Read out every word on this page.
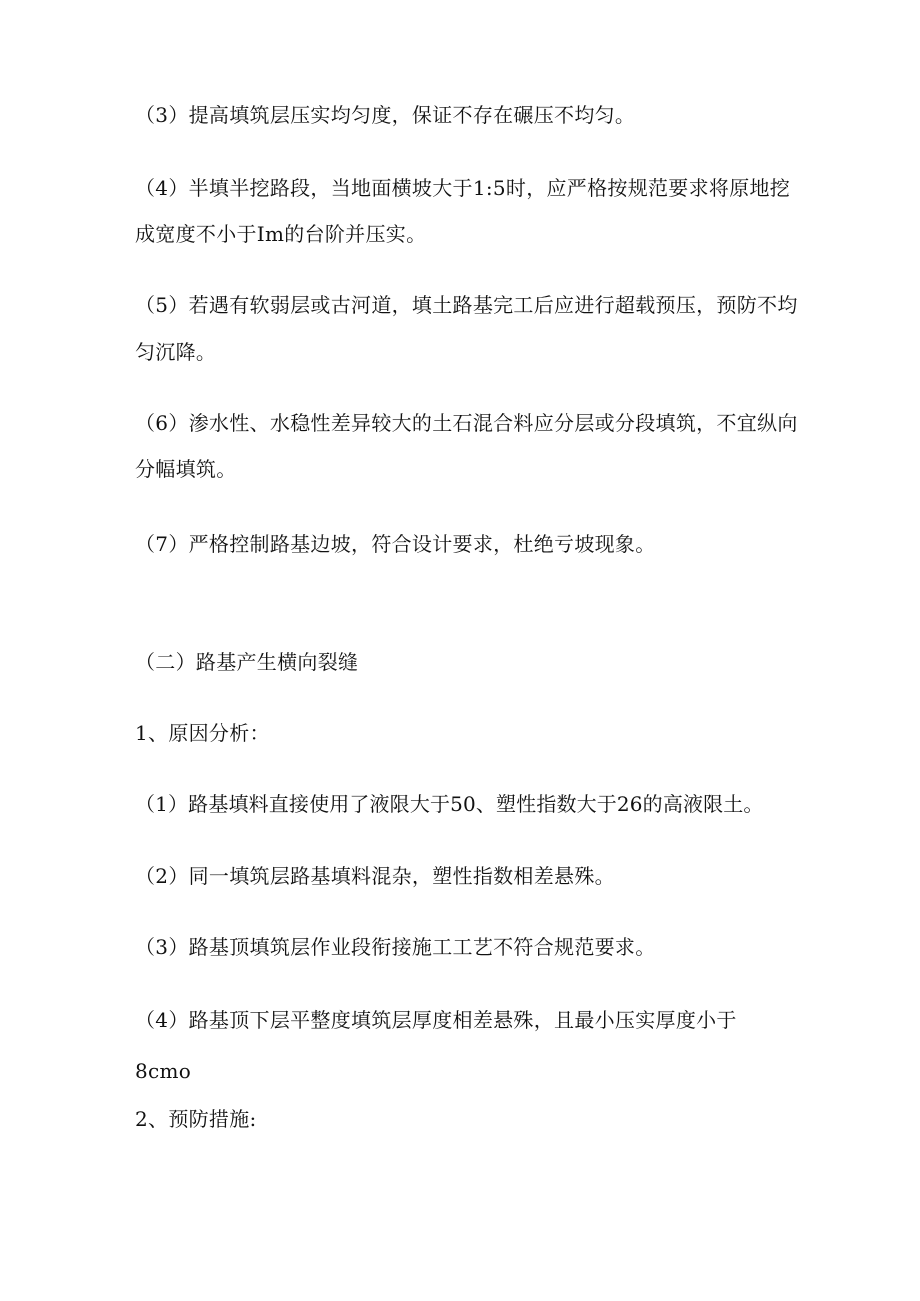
（3）提高填筑层压实均匀度，保证不存在碾压不均匀。
（4）半填半挖路段，当地面横坡大于1:5时，应严格按规范要求将原地挖
成宽度不小于Im的台阶并压实。
（5）若遇有软弱层或古河道，填土路基完工后应进行超载预压，预防不均
匀沉降。
（6）渗水性、水稳性差异较大的土石混合料应分层或分段填筑，不宜纵向
分幅填筑。
（7）严格控制路基边坡，符合设计要求，杜绝亏坡现象。
（二）路基产生横向裂缝
1、原因分析：
（1）路基填料直接使用了液限大于50、塑性指数大于26的高液限土。
（2）同一填筑层路基填料混杂，塑性指数相差悬殊。
（3）路基顶填筑层作业段衔接施工工艺不符合规范要求。
（4）路基顶下层平整度填筑层厚度相差悬殊，且最小压实厚度小于
8cmo
2、预防措施:
